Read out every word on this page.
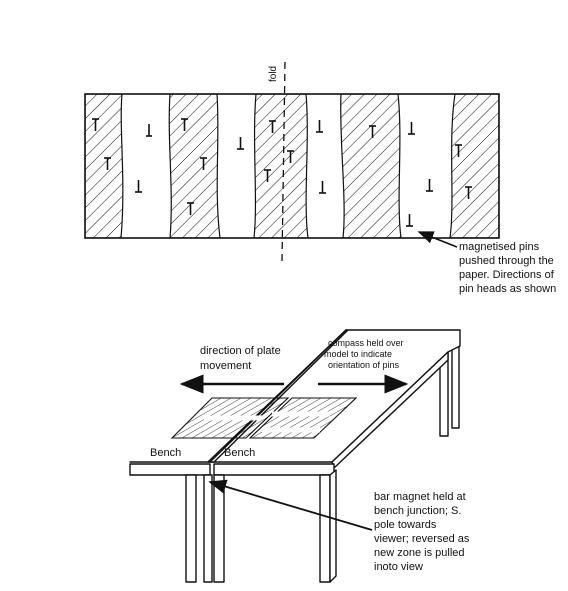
fold
magnetised pins pushed through the paper. Directions of pin heads as shown
direction of plate movement
compass held over model to indicate orientation of pins
Bench	Bench
bar magnet held at bench junction; S. pole towards viewer; reversed as new zone is pulled inoto view
